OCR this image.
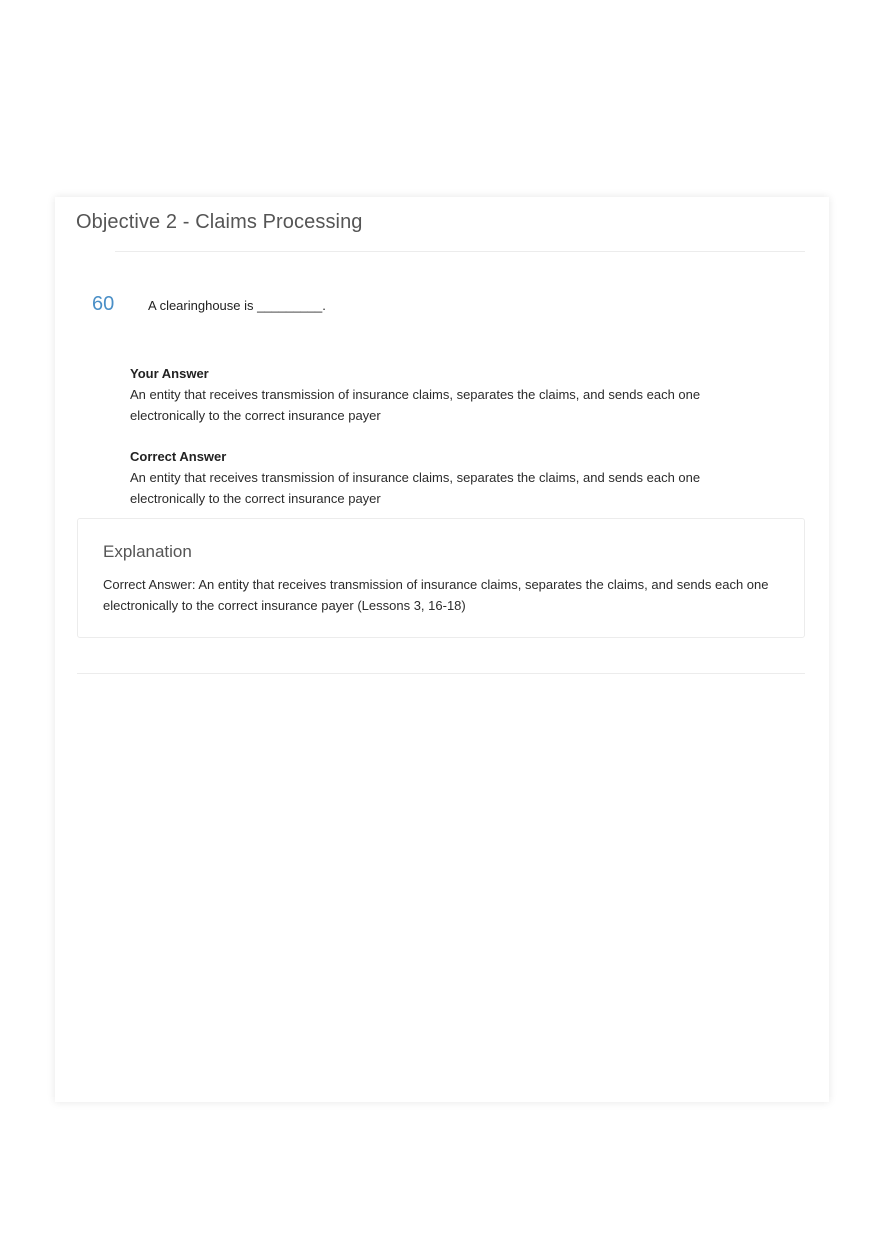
Objective 2 - Claims Processing
60	A clearinghouse is _________.
Your Answer
An entity that receives transmission of insurance claims, separates the claims, and sends each one electronically to the correct insurance payer
Correct Answer
An entity that receives transmission of insurance claims, separates the claims, and sends each one electronically to the correct insurance payer
Explanation
Correct Answer: An entity that receives transmission of insurance claims, separates the claims, and sends each one electronically to the correct insurance payer (Lessons 3, 16-18)
